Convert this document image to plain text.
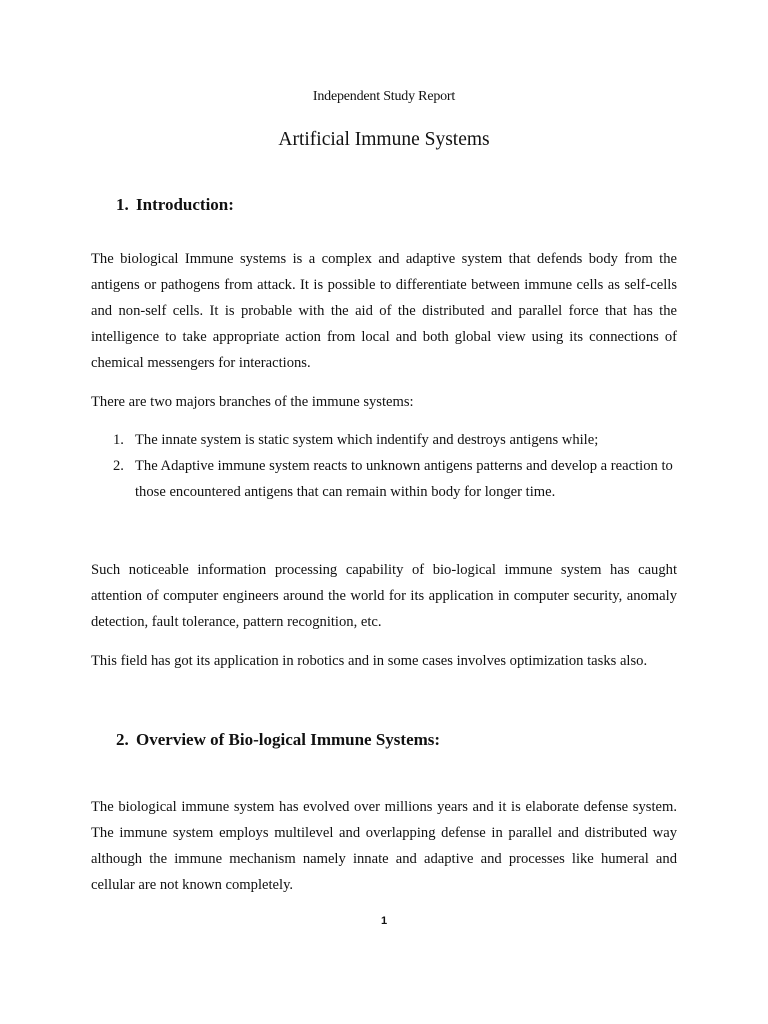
Independent Study Report
Artificial Immune Systems
1. Introduction:

The biological Immune systems is a complex and adaptive system that defends body from the antigens or pathogens from attack. It is possible to differentiate between immune cells as self-cells and non-self cells. It is probable with the aid of the distributed and parallel force that has the intelligence to take appropriate action from local and both global view using its connections of chemical messengers for interactions.

There are two majors branches of the immune systems:

1. The innate system is static system which indentify and destroys antigens while;
2. The Adaptive immune system reacts to unknown antigens patterns and develop a reaction to those encountered antigens that can remain within body for longer time.

Such noticeable information processing capability of bio-logical immune system has caught attention of computer engineers around the world for its application in computer security, anomaly detection, fault tolerance, pattern recognition, etc.

This field has got its application in robotics and in some cases involves optimization tasks also.

2. Overview of Bio-logical Immune Systems:

The biological immune system has evolved over millions years and it is elaborate defense system. The immune system employs multilevel and overlapping defense in parallel and distributed way although the immune mechanism namely innate and adaptive and processes like humeral and cellular are not known completely.

1
